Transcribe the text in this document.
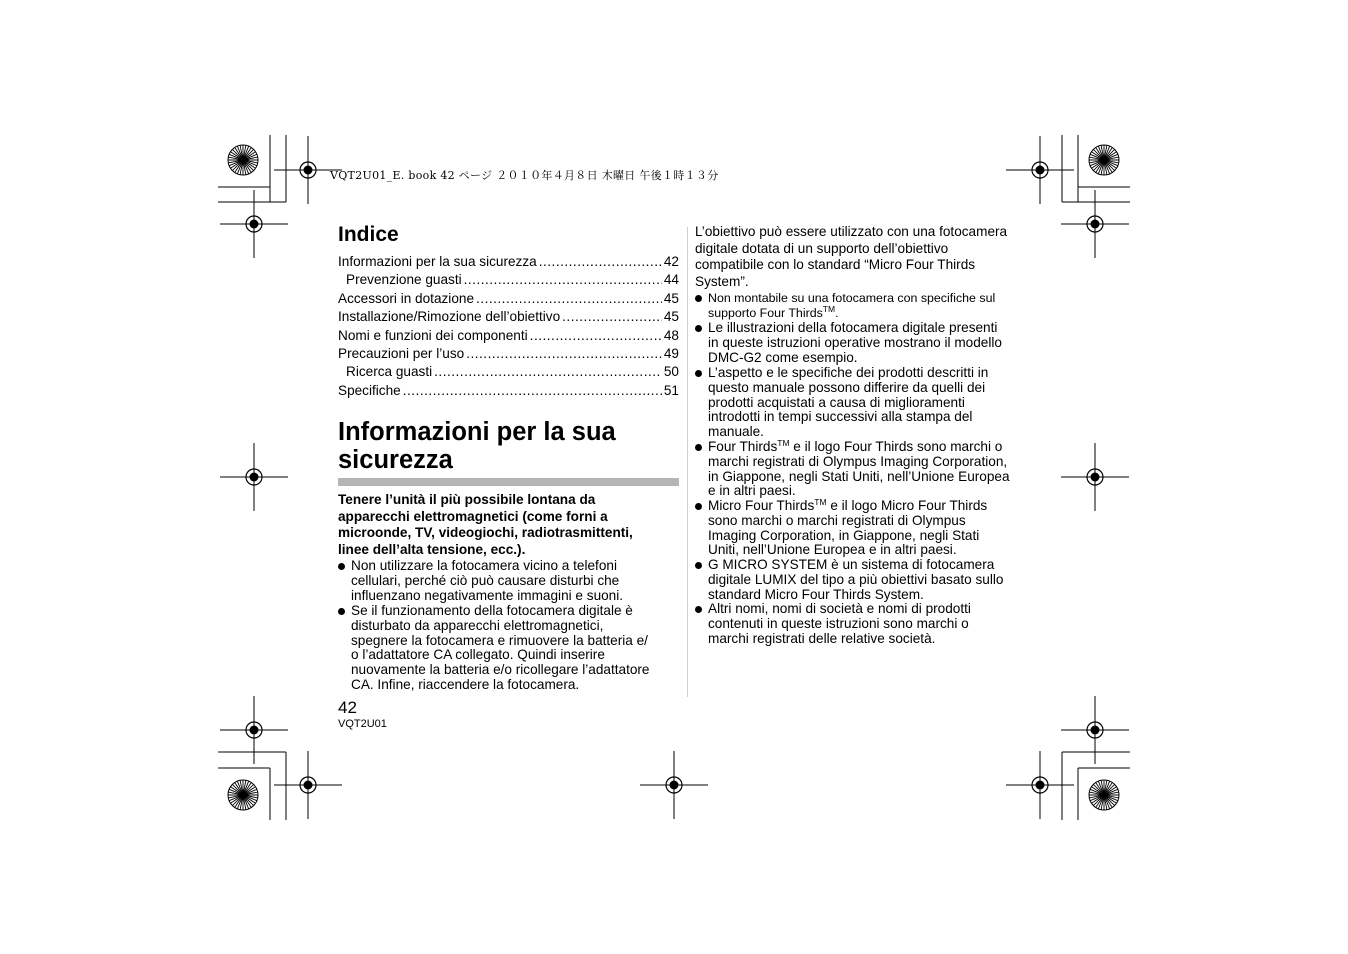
VQT2U01_E. book 42 ページ ２０１０年４月８日 木曜日 午後１時１３分
Indice
Informazioni per la sua sicurezza .....	42
Prevenzione guasti .....	44
Accessori in dotazione .....	45
Installazione/Rimozione dell’obiettivo .....	45
Nomi e funzioni dei componenti .....	48
Precauzioni per l’uso .....	49
Ricerca guasti .....	50
Specifiche .....	51
Informazioni per la sua
sicurezza
Tenere l’unità il più possibile lontana da
apparecchi elettromagnetici (come forni a
microonde, TV, videogiochi, radiotrasmittenti,
linee dell’alta tensione, ecc.).
Non utilizzare la fotocamera vicino a telefoni
cellulari, perché ciò può causare disturbi che
influenzano negativamente immagini e suoni.
Se il funzionamento della fotocamera digitale è
disturbato da apparecchi elettromagnetici,
spegnere la fotocamera e rimuovere la batteria e/
o l’adattatore CA collegato. Quindi inserire
nuovamente la batteria e/o ricollegare l’adattatore
CA. Infine, riaccendere la fotocamera.
42
VQT2U01
L’obiettivo può essere utilizzato con una fotocamera
digitale dotata di un supporto dell’obiettivo
compatibile con lo standard “Micro Four Thirds
System”.
Non montabile su una fotocamera con specifiche sul
supporto Four Thirds™.
Le illustrazioni della fotocamera digitale presenti
in queste istruzioni operative mostrano il modello
DMC-G2 come esempio.
L’aspetto e le specifiche dei prodotti descritti in
questo manuale possono differire da quelli dei
prodotti acquistati a causa di miglioramenti
introdotti in tempi successivi alla stampa del
manuale.
Four Thirds™ e il logo Four Thirds sono marchi o
marchi registrati di Olympus Imaging Corporation,
in Giappone, negli Stati Uniti, nell’Unione Europea
e in altri paesi.
Micro Four Thirds™ e il logo Micro Four Thirds
sono marchi o marchi registrati di Olympus
Imaging Corporation, in Giappone, negli Stati
Uniti, nell’Unione Europea e in altri paesi.
G MICRO SYSTEM è un sistema di fotocamera
digitale LUMIX del tipo a più obiettivi basato sullo
standard Micro Four Thirds System.
Altri nomi, nomi di società e nomi di prodotti
contenuti in queste istruzioni sono marchi o
marchi registrati delle relative società.
